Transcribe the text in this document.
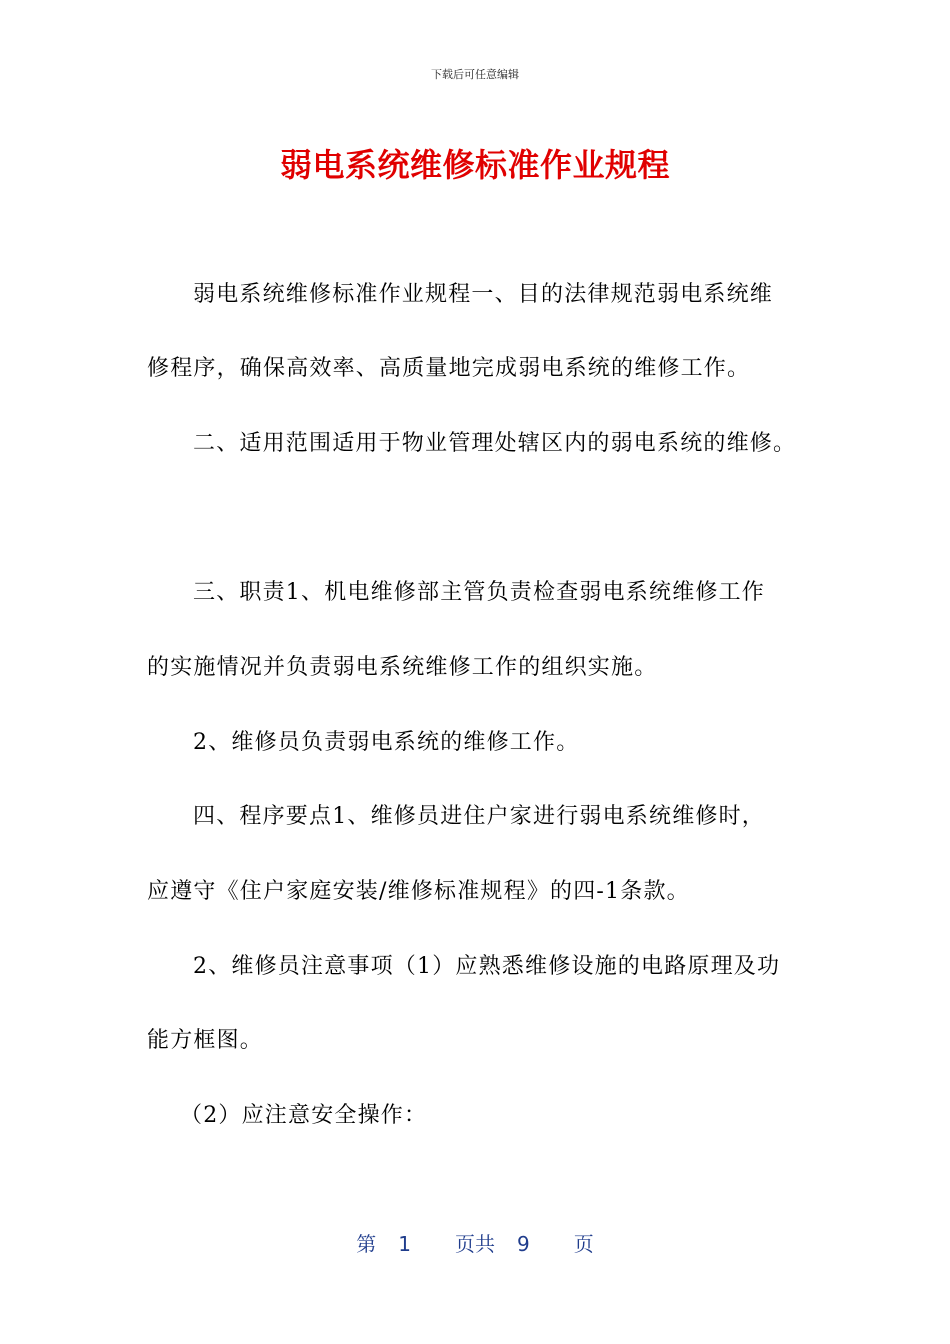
下载后可任意编辑
弱电系统维修标准作业规程
弱电系统维修标准作业规程一、目的法律规范弱电系统维
修程序，确保高效率、高质量地完成弱电系统的维修工作。
二、适用范围适用于物业管理处辖区内的弱电系统的维修。
三、职责1、机电维修部主管负责检查弱电系统维修工作
的实施情况并负责弱电系统维修工作的组织实施。
2、维修员负责弱电系统的维修工作。
四、程序要点1、维修员进住户家进行弱电系统维修时，
应遵守《住户家庭安装/维修标准规程》的四-1条款。
2、维修员注意事项（1）应熟悉维修设施的电路原理及功
能方框图。
（2）应注意安全操作：
第 1 页共 9 页
